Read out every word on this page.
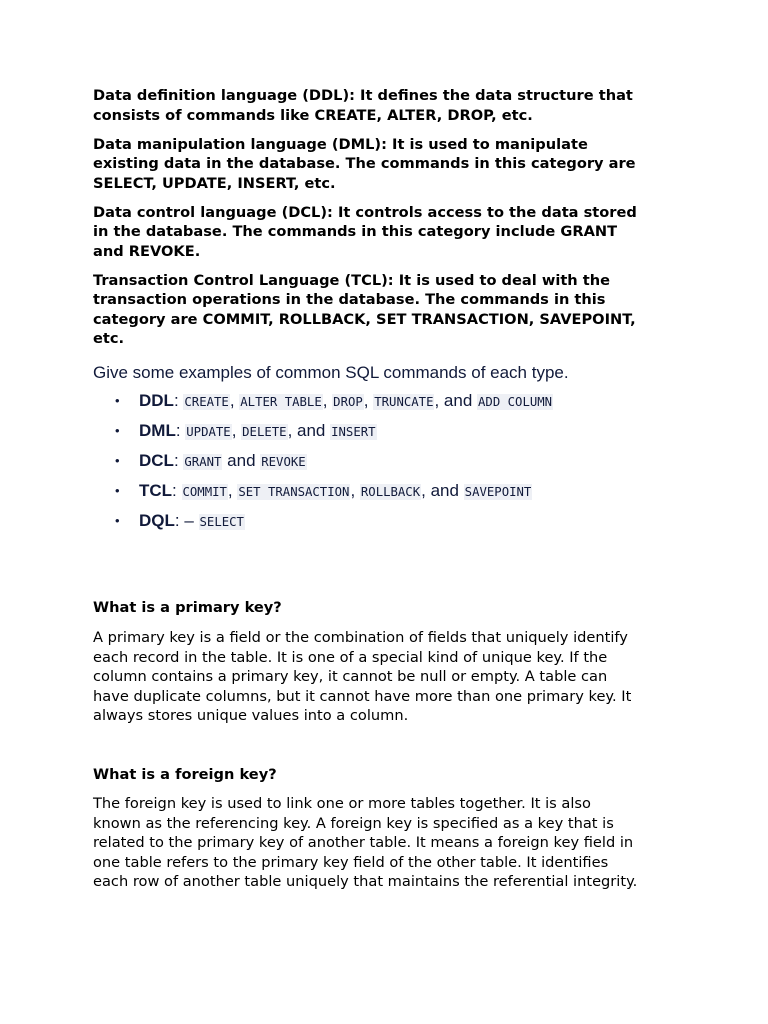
Data definition language (DDL): It defines the data structure that
consists of commands like CREATE, ALTER, DROP, etc.

Data manipulation language (DML): It is used to manipulate
existing data in the database. The commands in this category are
SELECT, UPDATE, INSERT, etc.

Data control language (DCL): It controls access to the data stored
in the database. The commands in this category include GRANT
and REVOKE.

Transaction Control Language (TCL): It is used to deal with the
transaction operations in the database. The commands in this
category are COMMIT, ROLLBACK, SET TRANSACTION, SAVEPOINT,
etc.

Give some examples of common SQL commands of each type.
• DDL: CREATE, ALTER TABLE, DROP, TRUNCATE, and ADD COLUMN
• DML: UPDATE, DELETE, and INSERT
• DCL: GRANT and REVOKE
• TCL: COMMIT, SET TRANSACTION, ROLLBACK, and SAVEPOINT
• DQL: – SELECT
What is a primary key?

A primary key is a field or the combination of fields that uniquely identify
each record in the table. It is one of a special kind of unique key. If the
column contains a primary key, it cannot be null or empty. A table can
have duplicate columns, but it cannot have more than one primary key. It
always stores unique values into a column.

What is a foreign key?

The foreign key is used to link one or more tables together. It is also
known as the referencing key. A foreign key is specified as a key that is
related to the primary key of another table. It means a foreign key field in
one table refers to the primary key field of the other table. It identifies
each row of another table uniquely that maintains the referential integrity.
